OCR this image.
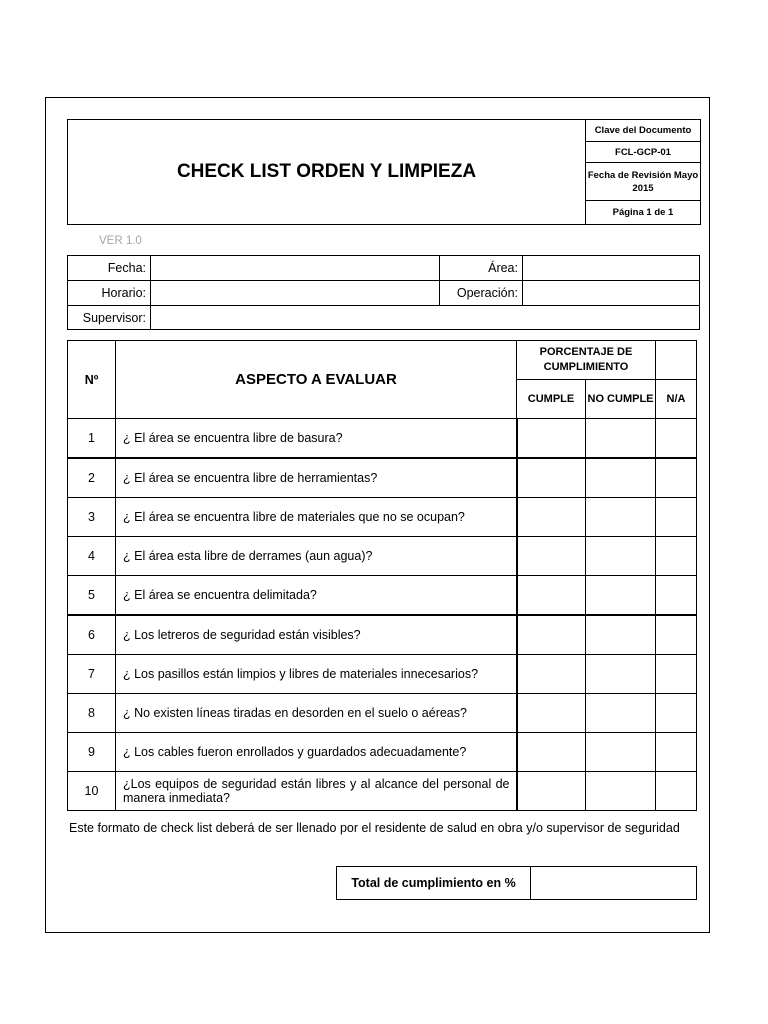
CHECK LIST ORDEN Y LIMPIEZA	Clave del Documento
FCL-GCP-01
Fecha de Revisión Mayo 2015
Página 1 de 1
VER 1.0
Fecha:		Área:	
Horario:		Operación:	
Supervisor:			
Nº	ASPECTO A EVALUAR	PORCENTAJE DE CUMPLIMIENTO		
		CUMPLE	NO CUMPLE	N/A
1	¿ El área se encuentra libre de basura?			
2	¿ El área se encuentra libre de herramientas?			
3	¿ El área se encuentra libre de materiales que no se ocupan?			
4	¿ El área esta libre de derrames (aun agua)?			
5	¿ El área se encuentra delimitada?			
6	¿ Los letreros de seguridad están visibles?			
7	¿ Los pasillos están limpios y libres de materiales innecesarios?			
8	¿ No existen líneas tiradas en desorden en el suelo o aéreas?			
9	¿ Los cables fueron enrollados y guardados adecuadamente?			
10	¿Los equipos de seguridad están libres y al alcance del personal de manera inmediata?			
Este formato de check list deberá de ser llenado por el residente de salud en obra y/o supervisor de seguridad
Total de cumplimiento en %	
